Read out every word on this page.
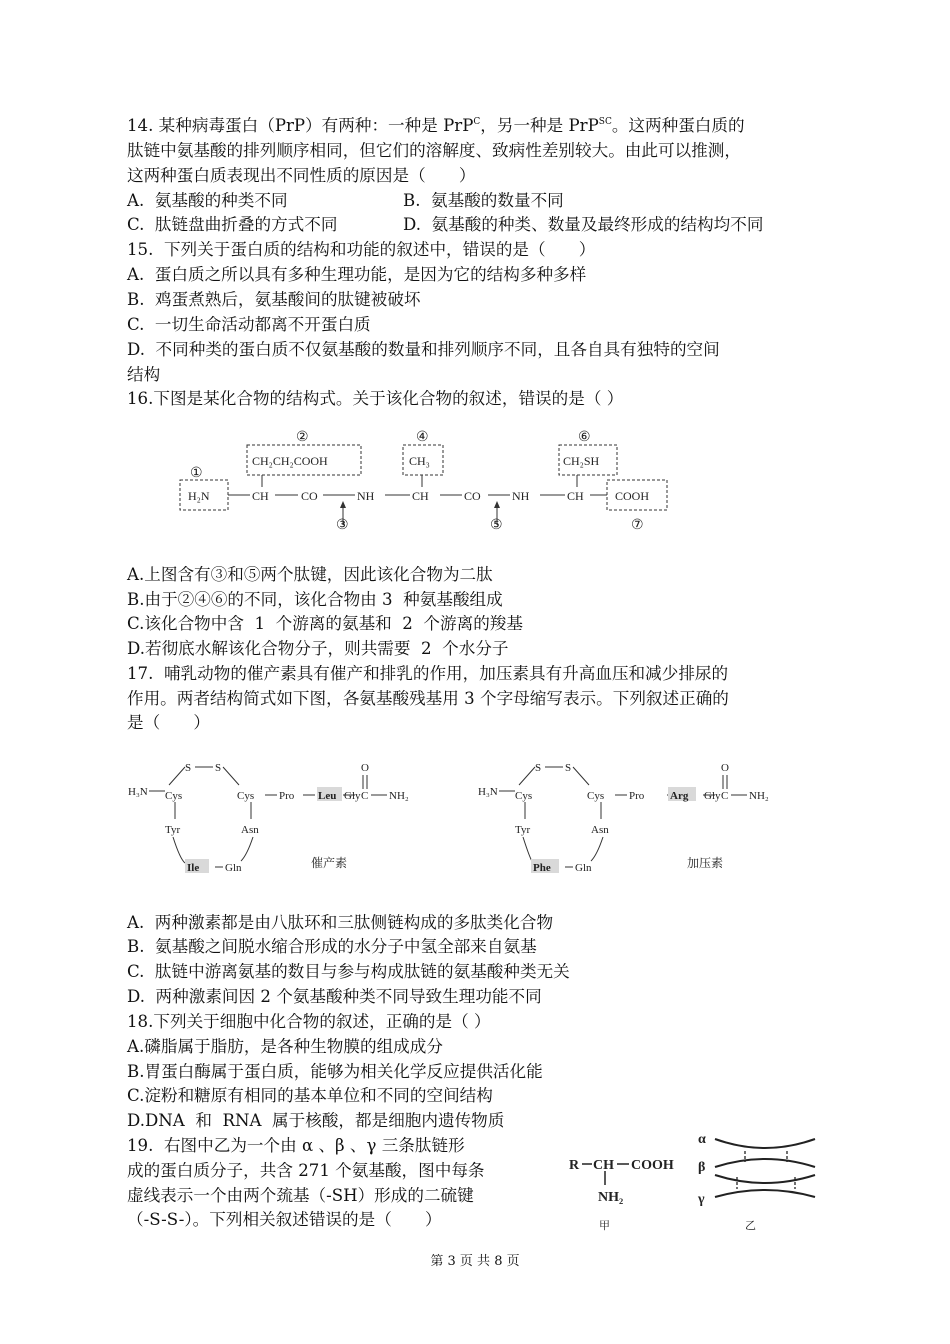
14. 某种病毒蛋白（PrP）有两种：一种是 PrP$^C$，另一种是 PrP$^{SC}$。这两种蛋白质的
肽链中氨基酸的排列顺序相同，但它们的溶解度、致病性差别较大。由此可以推测，
这两种蛋白质表现出不同性质的原因是（　　）
A.  氨基酸的种类不同	B.  氨基酸的数量不同
C.  肽链盘曲折叠的方式不同	D.  氨基酸的种类、数量及最终形成的结构均不同
15.  下列关于蛋白质的结构和功能的叙述中，错误的是（　　）
A.  蛋白质之所以具有多种生理功能，是因为它的结构多种多样
B.  鸡蛋煮熟后，氨基酸间的肽键被破坏
C.  一切生命活动都离不开蛋白质
D.  不同种类的蛋白质不仅氨基酸的数量和排列顺序不同，且各自具有独特的空间
结构
16.下图是某化合物的结构式。关于该化合物的叙述，错误的是（ ）
①
②	④	⑥
③	⑤	⑦
CH₂CH₂COOH	CH₃	CH₂SH
H₂N	CH	CO	NH	CH	CO	NH	CH	COOH
A.上图含有③和⑤两个肽键，因此该化合物为二肽
B.由于②④⑥的不同，该化合物由 3  种氨基酸组成
C.该化合物中含  1  个游离的氨基和  2  个游离的羧基
D.若彻底水解该化合物分子，则共需要  2  个水分子
17.  哺乳动物的催产素具有催产和排乳的作用，加压素具有升高血压和减少排尿的
作用。两者结构简式如下图，各氨基酸残基用 3 个字母缩写表示。下列叙述正确的
是（　　）
H₃N
S S
Cys	Cys Pro Leu Gly C
O
NH₂
Tyr	Asn
Ile Gln	催产素
H₃N
S S
Cys	Cys Pro Arg Gly C
O
NH₂
Tyr	Asn
Phe Gln	加压素
A.  两种激素都是由八肽环和三肽侧链构成的多肽类化合物
B.  氨基酸之间脱水缩合形成的水分子中氢全部来自氨基
C.  肽链中游离氨基的数目与参与构成肽链的氨基酸种类无关
D.  两种激素间因 2 个氨基酸种类不同导致生理功能不同
18.下列关于细胞中化合物的叙述，正确的是（ ）
A.磷脂属于脂肪，是各种生物膜的组成成分
B.胃蛋白酶属于蛋白质，能够为相关化学反应提供活化能
C.淀粉和糖原有相同的基本单位和不同的空间结构
D.DNA  和  RNA  属于核酸，都是细胞内遗传物质
19.  右图中乙为一个由 α 、β 、γ 三条肽链形
成的蛋白质分子，共含 271 个氨基酸，图中每条
虚线表示一个由两个巯基（-SH）形成的二硫键
（-S-S-）。下列相关叙述错误的是（　　）
R CH COOH
NH₂
甲
α
β
γ
乙
第 3 页 共 8 页
